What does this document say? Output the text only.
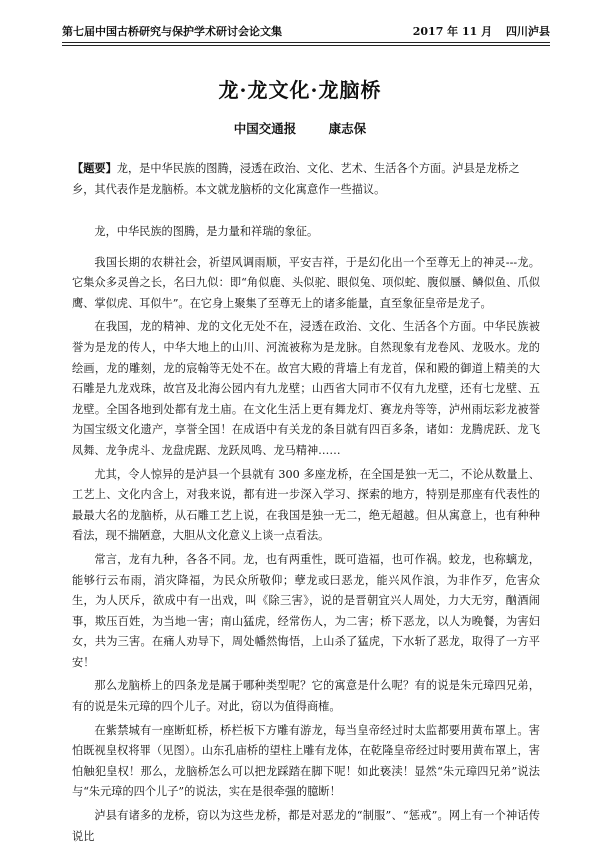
第七届中国古桥研究与保护学术研讨会论文集	2017 年 11 月 四川泸县
龙·龙文化·龙脑桥
中国交通报	康志保
【题要】龙，是中华民族的图腾，浸透在政治、文化、艺术、生活各个方面。泸县是龙桥之乡，其代表作是龙脑桥。本文就龙脑桥的文化寓意作一些描议。

龙，中华民族的图腾，是力量和祥瑞的象征。

我国长期的农耕社会，祈望风调雨顺，平安吉祥，于是幻化出一个至尊无上的神灵---龙。它集众多灵兽之长，名曰九似：即“角似鹿、头似驼、眼似兔、项似蛇、腹似蜃、鳞似鱼、爪似鹰、掌似虎、耳似牛”。在它身上聚集了至尊无上的诸多能量，直至象征皇帝是龙子。

在我国，龙的精神、龙的文化无处不在，浸透在政治、文化、生活各个方面。中华民族被誉为是龙的传人，中华大地上的山川、河流被称为是龙脉。自然现象有龙卷风、龙吸水。龙的绘画，龙的雕刻，龙的宸翰等无处不在。故宫大殿的背墙上有龙首，保和殿的御道上精美的大石雕是九龙戏珠，故宫及北海公园内有九龙壁；山西省大同市不仅有九龙壁，还有七龙壁、五龙壁。全国各地到处都有龙土庙。在文化生活上更有舞龙灯、赛龙舟等等，泸州雨坛彩龙被誉为国宝级文化遗产，享誉全国！在成语中有关龙的条目就有四百多条，诸如：龙腾虎跃、龙飞凤舞、龙争虎斗、龙盘虎踞、龙跃凤鸣、龙马精神……

尤其，令人惊异的是泸县一个县就有 300 多座龙桥，在全国是独一无二，不论从数量上、工艺上、文化内含上，对我来说，都有进一步深入学习、探索的地方，特别是那座有代表性的最最大名的龙脑桥，从石雕工艺上说，在我国是独一无二，绝无超越。但从寓意上，也有种种看法，现不揣陋意，大胆从文化意义上谈一点看法。

常言，龙有九种，各各不同。龙，也有两重性，既可造福，也可作祸。蛟龙，也称螭龙，能够行云布雨，消灾降福，为民众所敬仰；孽龙或曰恶龙，能兴风作浪，为非作歹，危害众生，为人厌斥，欲成中有一出戏，叫《除三害》，说的是晋朝宜兴人周处，力大无穷，酗酒闹事，欺压百姓，为当地一害；南山猛虎，经常伤人，为二害；桥下恶龙，以人为晚餐，为害妇女，共为三害。在痛人劝导下，周处幡然悔悟，上山杀了猛虎，下水斩了恶龙，取得了一方平安！

那么龙脑桥上的四条龙是属于哪种类型呢？它的寓意是什么呢？有的说是朱元璋四兄弟，有的说是朱元璋的四个儿子。对此，窃以为值得商榷。

在紫禁城有一座断虹桥，桥栏板下方雕有游龙，每当皇帝经过时太监都要用黄布罩上。害怕既视皇权将罪（见图）。山东孔庙桥的望柱上雕有龙体，在乾隆皇帝经过时要用黄布罩上，害怕触犯皇权！那么，龙脑桥怎么可以把龙踩踏在脚下呢！如此亵渎！显然“朱元璋四兄弟”说法与“朱元璋的四个儿子”的说法，实在是很牵强的臆断！

泸县有诸多的龙桥，窃以为这些龙桥，都是对恶龙的“制服”、“惩戒”。网上有一个神话传说比
